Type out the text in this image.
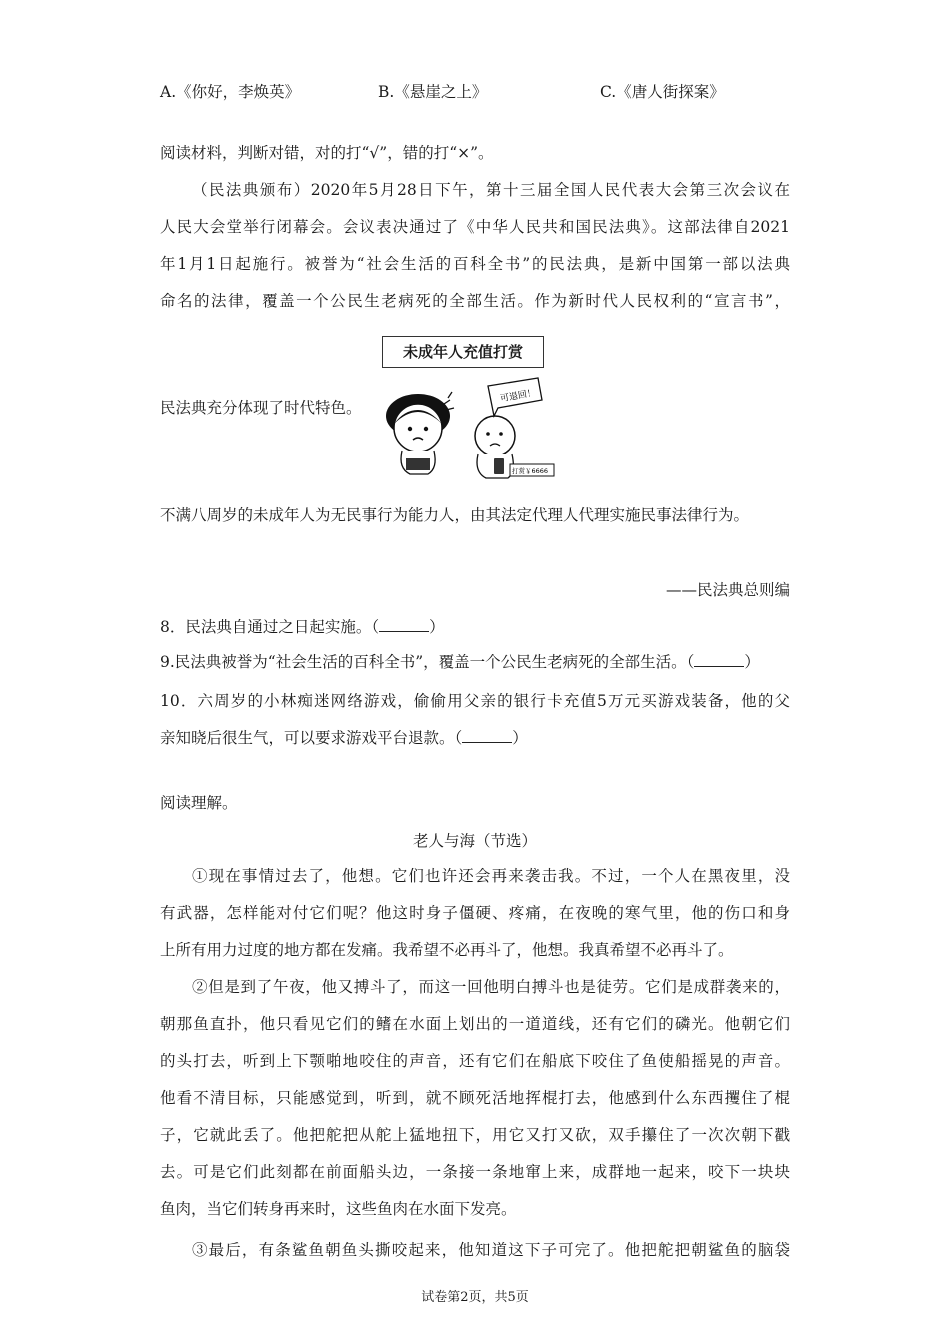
A.《你好，李焕英》	B.《悬崖之上》	C.《唐人街探案》
阅读材料，判断对错，对的打“√”，错的打“×”。
（民法典颁布）2020年5月28日下午，第十三届全国人民代表大会第三次会议在
人民大会堂举行闭幕会。会议表决通过了《中华人民共和国民法典》。这部法律自2021
年1月1日起施行。被誉为“社会生活的百科全书”的民法典，是新中国第一部以法典
命名的法律，覆盖一个公民生老病死的全部生活。作为新时代人民权利的“宣言书”，
民法典充分体现了时代特色。
未成年人充值打赏
可退回！
打赏￥6666
不满八周岁的未成年人为无民事行为能力人，由其法定代理人代理实施民事法律行为。
——民法典总则编
8．民法典自通过之日起实施。（	）
9.民法典被誉为“社会生活的百科全书”，覆盖一个公民生老病死的全部生活。（	）
10．六周岁的小林痴迷网络游戏，偷偷用父亲的银行卡充值5万元买游戏装备，他的父
亲知晓后很生气，可以要求游戏平台退款。（	）
阅读理解。
老人与海（节选）
①现在事情过去了，他想。它们也许还会再来袭击我。不过，一个人在黑夜里，没
有武器，怎样能对付它们呢？他这时身子僵硬、疼痛，在夜晚的寒气里，他的伤口和身
上所有用力过度的地方都在发痛。我希望不必再斗了，他想。我真希望不必再斗了。
②但是到了午夜，他又搏斗了，而这一回他明白搏斗也是徒劳。它们是成群袭来的，
朝那鱼直扑，他只看见它们的鳍在水面上划出的一道道线，还有它们的磷光。他朝它们
的头打去，听到上下颚啪地咬住的声音，还有它们在船底下咬住了鱼使船摇晃的声音。
他看不清目标，只能感觉到，听到，就不顾死活地挥棍打去，他感到什么东西攫住了棍
子，它就此丢了。他把舵把从舵上猛地扭下，用它又打又砍，双手攥住了一次次朝下戳
去。可是它们此刻都在前面船头边，一条接一条地窜上来，成群地一起来，咬下一块块
鱼肉，当它们转身再来时，这些鱼肉在水面下发亮。
③最后，有条鲨鱼朝鱼头撕咬起来，他知道这下子可完了。他把舵把朝鲨鱼的脑袋
试卷第2页，共5页
